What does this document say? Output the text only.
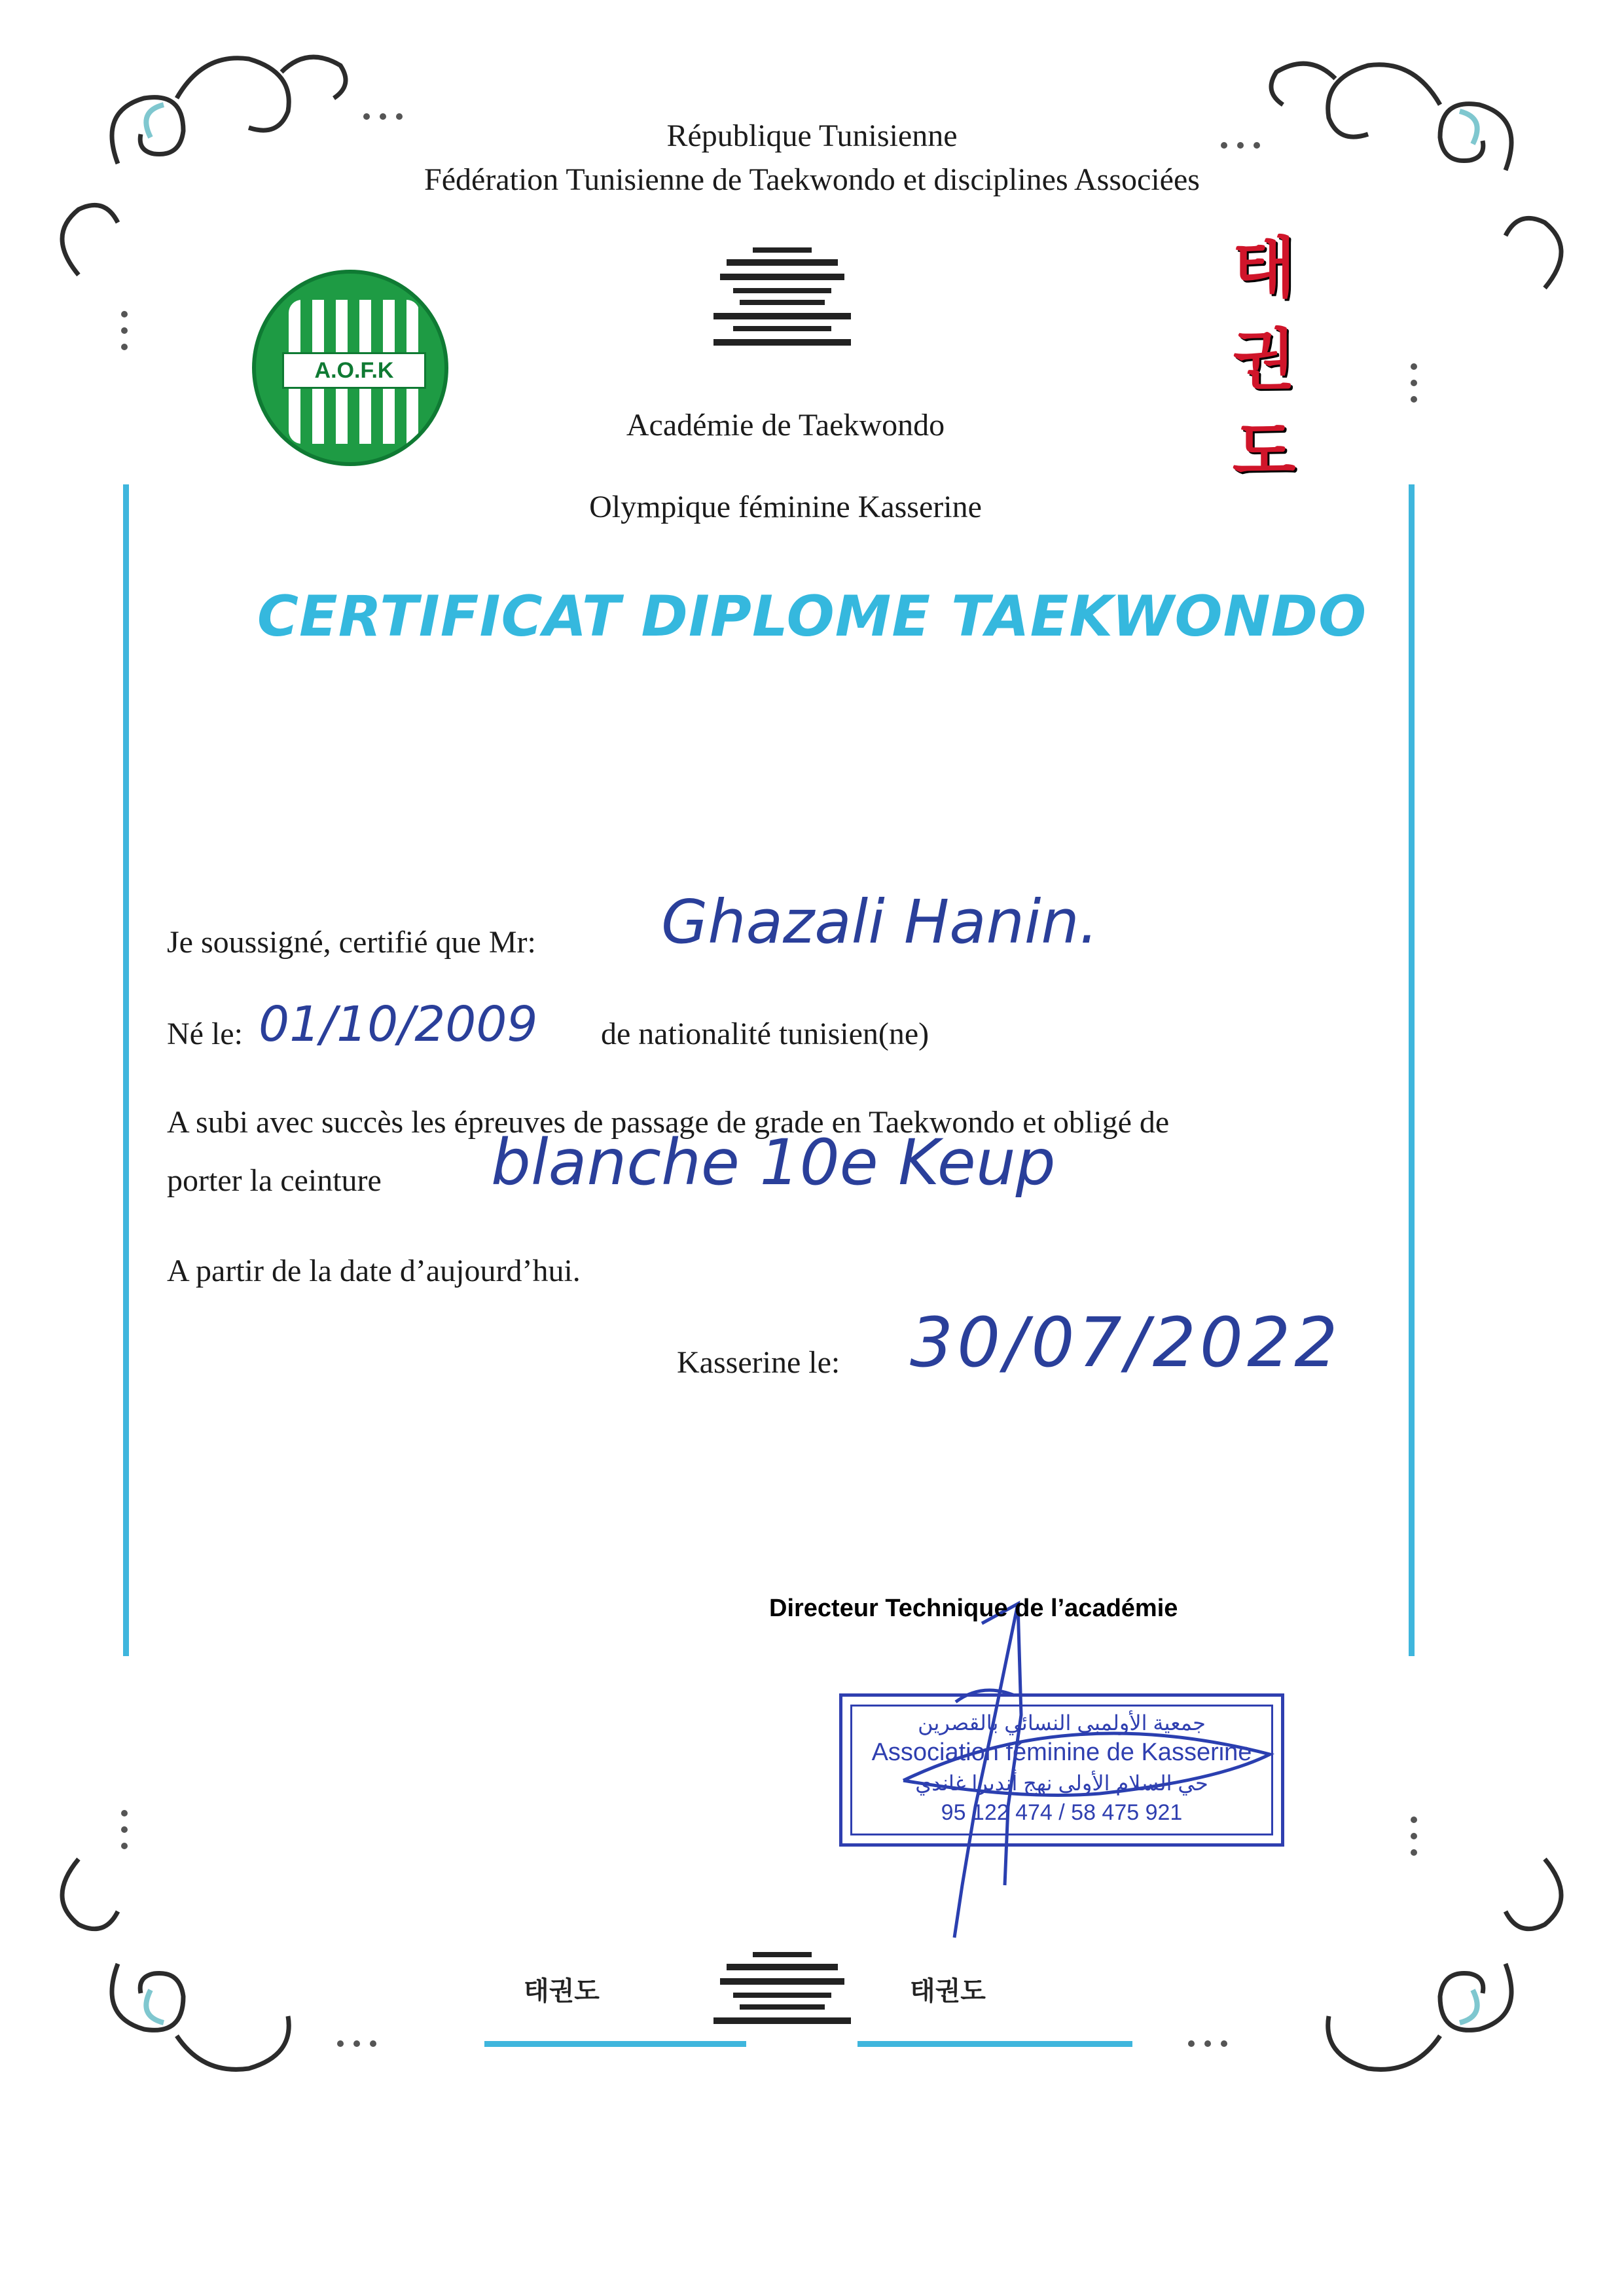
République Tunisienne
Fédération Tunisienne de Taekwondo et disciplines Associées
A.O.F.K
태
권
도
Académie de Taekwondo
Olympique féminine Kasserine
CERTIFICAT DIPLOME TAEKWONDO
Je soussigné, certifié que Mr: Ghazali Hanin.
Né le: 01/10/2009 de nationalité tunisien(ne)
A subi avec succès les épreuves de passage de grade en Taekwondo et obligé de
porter la ceinture blanche 10e Keup
A partir de la date d’aujourd’hui.
Kasserine le: 30/07/2022
Directeur Technique de l’académie
جمعية الأولمبي النسائي بالقصرين
Association féminine de Kasserine
حي السلام الأولى نهج أنديرا غاندي
95 122 474 / 58 475 921
태권도	태권도
